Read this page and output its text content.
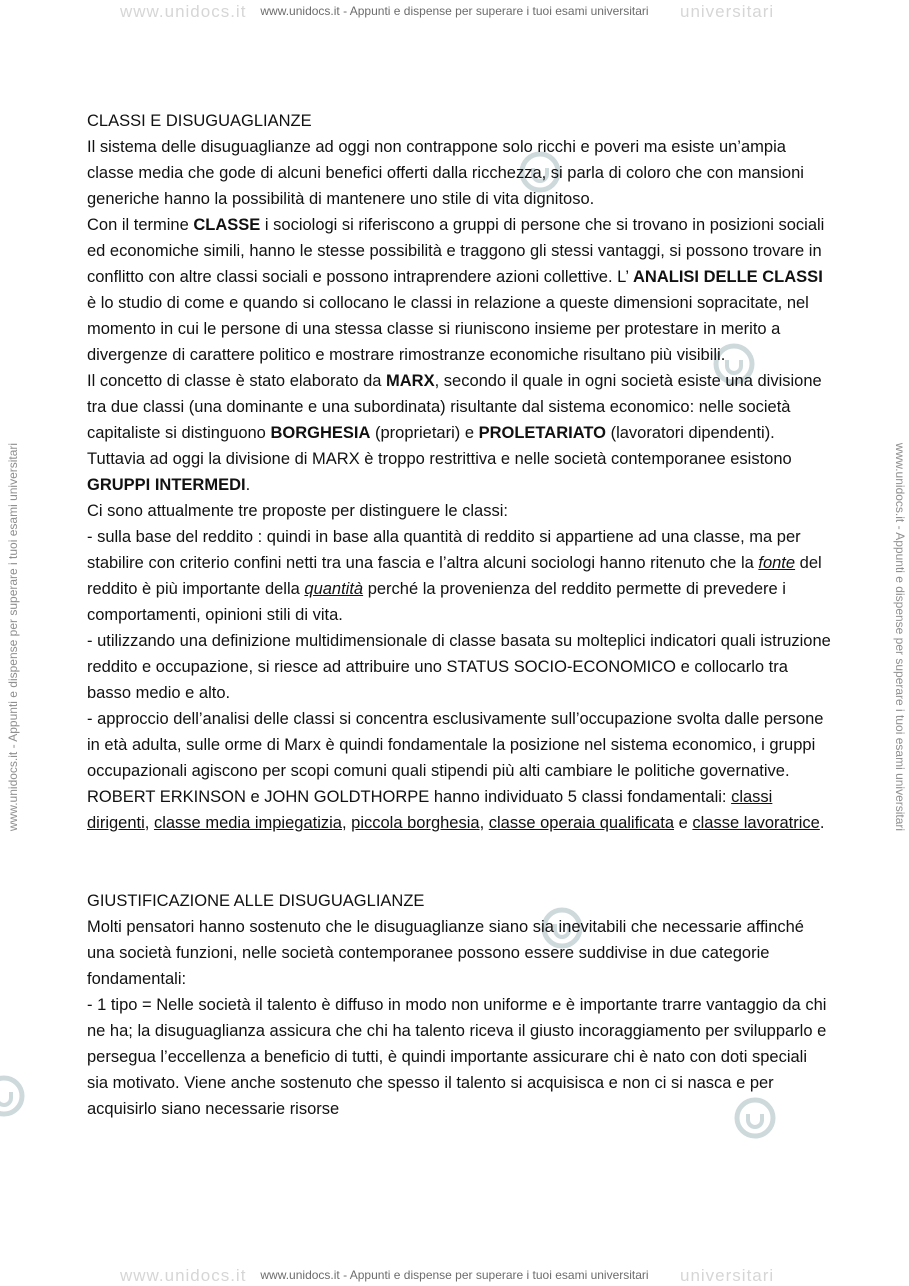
www.unidocs.it	universitari
www.unidocs.it - Appunti e dispense per superare i tuoi esami universitari
www.unidocs.it - Appunti e dispense per superare i tuoi esami universitari	www.unidocs.it - Appunti e dispense per superare i tuoi esami universitari
CLASSI E DISUGUAGLIANZE

Il sistema delle disuguaglianze ad oggi non contrappone solo ricchi e poveri ma esiste un’ampia classe media che gode di alcuni benefici offerti dalla ricchezza, si parla di coloro che con mansioni generiche hanno la possibilità di mantenere uno stile di vita dignitoso.

Con il termine CLASSE i sociologi si riferiscono a gruppi di persone che si trovano in posizioni sociali ed economiche simili, hanno le stesse possibilità e traggono gli stessi vantaggi, si possono trovare in conflitto con altre classi sociali e possono intraprendere azioni collettive. L’ ANALISI DELLE CLASSI è lo studio di come e quando si collocano le classi in relazione a queste dimensioni sopracitate, nel momento in cui le persone di una stessa classe si riuniscono insieme per protestare in merito a divergenze di carattere politico e mostrare rimostranze economiche risultano più visibili.

Il concetto di classe è stato elaborato da MARX, secondo il quale in ogni società esiste una divisione tra due classi (una dominante e una subordinata) risultante dal sistema economico: nelle società capitaliste si distinguono BORGHESIA (proprietari) e PROLETARIATO (lavoratori dipendenti). Tuttavia ad oggi la divisione di MARX è troppo restrittiva e nelle società contemporanee esistono GRUPPI INTERMEDI.

Ci sono attualmente tre proposte per distinguere le classi:

- sulla base del reddito : quindi in base alla quantità di reddito si appartiene ad una classe, ma per stabilire con criterio confini netti tra una fascia e l’altra alcuni sociologi hanno ritenuto che la fonte del reddito è più importante della quantità perché la provenienza del reddito permette di prevedere i comportamenti, opinioni stili di vita.

- utilizzando una definizione multidimensionale di classe basata su molteplici indicatori quali istruzione reddito e occupazione, si riesce ad attribuire uno STATUS SOCIO-ECONOMICO e collocarlo tra basso medio e alto.

- approccio dell’analisi delle classi si concentra esclusivamente sull’occupazione svolta dalle persone in età adulta, sulle orme di Marx è quindi fondamentale la posizione nel sistema economico, i gruppi occupazionali agiscono per scopi comuni quali stipendi più alti cambiare le politiche governative. ROBERT ERKINSON e JOHN GOLDTHORPE hanno individuato 5 classi fondamentali: classi dirigenti, classe media impiegatizia, piccola borghesia, classe operaia qualificata e classe lavoratrice.

GIUSTIFICAZIONE ALLE DISUGUAGLIANZE

Molti pensatori hanno sostenuto che le disuguaglianze siano sia inevitabili che necessarie affinché una società funzioni, nelle società contemporanee possono essere suddivise in due categorie fondamentali:

- 1 tipo = Nelle società il talento è diffuso in modo non uniforme e è importante trarre vantaggio da chi ne ha; la disuguaglianza assicura che chi ha talento riceva il giusto incoraggiamento per svilupparlo e persegua l’eccellenza a beneficio di tutti, è quindi importante assicurare chi è nato con doti speciali sia motivato. Viene anche sostenuto che spesso il talento si acquisisca e non ci si nasca e per acquisirlo siano necessarie risorse

www.unidocs.it	universitari
www.unidocs.it - Appunti e dispense per superare i tuoi esami universitari
